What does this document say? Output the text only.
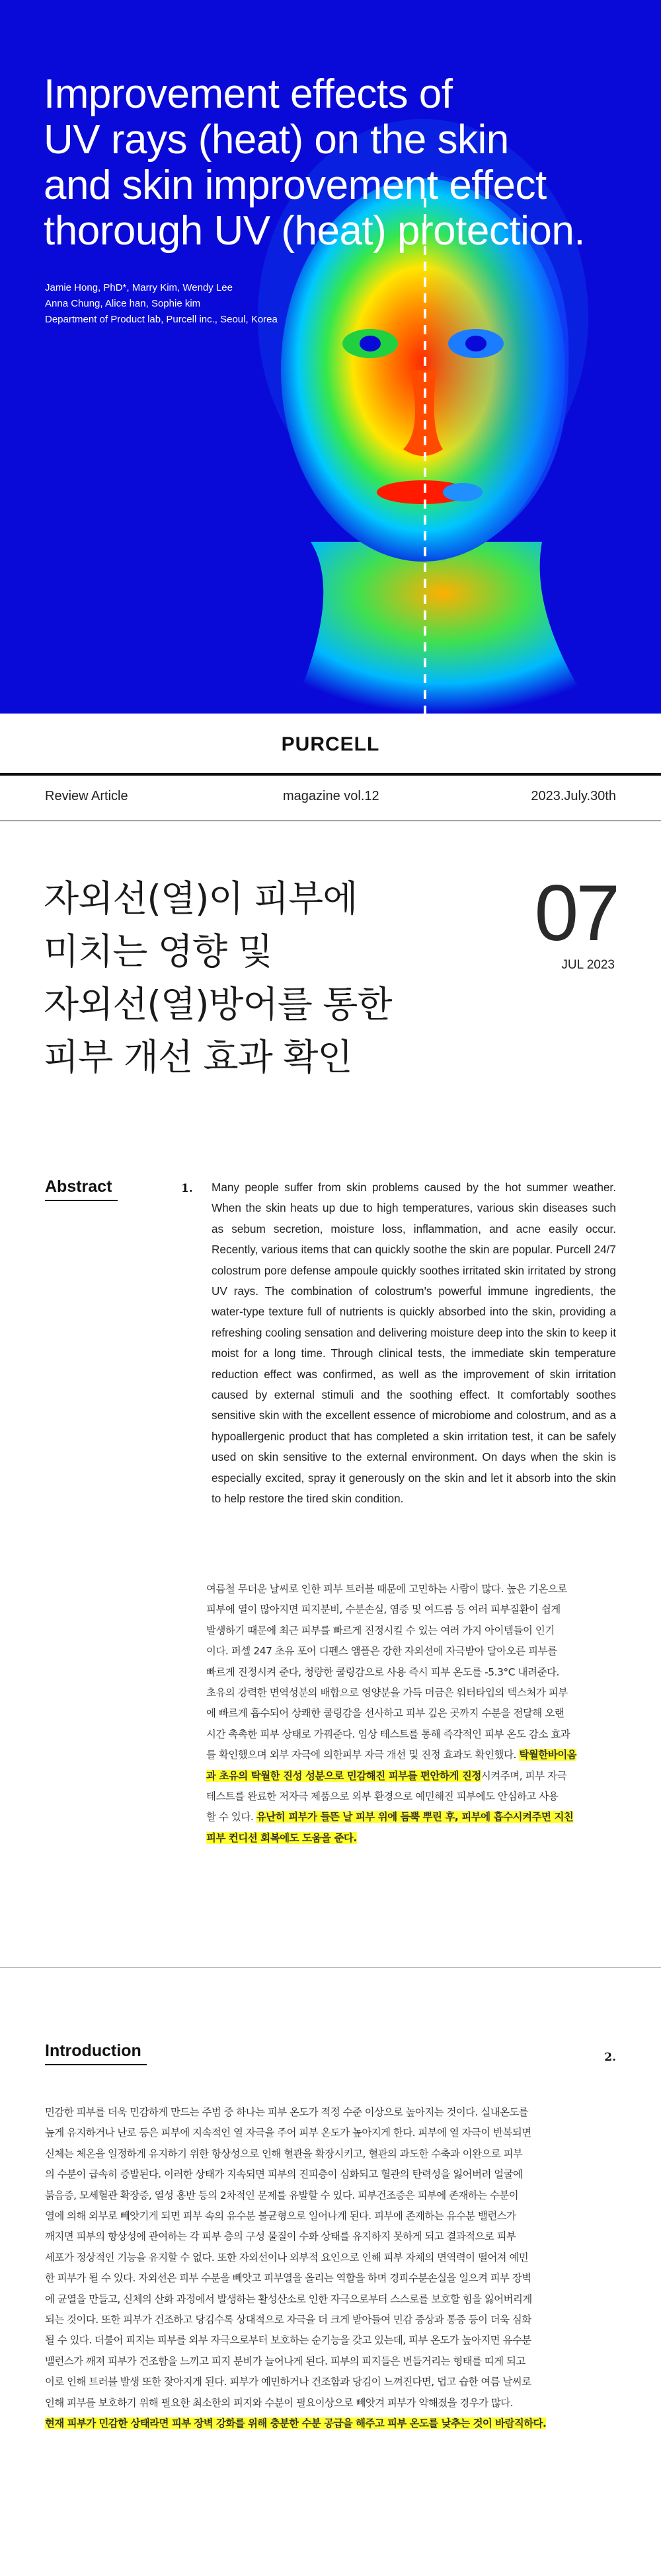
Improvement effects of
UV rays (heat) on the skin
and skin improvement effect
thorough UV (heat) protection.
Jamie Hong, PhD*, Marry Kim, Wendy Lee
Anna Chung, Alice han, Sophie kim
Department of Product lab, Purcell inc., Seoul, Korea
PURCELL
Review Article	magazine vol.12	2023.July.30th
자외선(열)이 피부에
미치는 영향 및
자외선(열)방어를 통한
피부 개선 효과 확인
07
JUL 2023
Abstract	1. Many people suffer from skin problems caused by the hot summer weather. When the skin heats up due to high temperatures, various skin diseases such as sebum secretion, moisture loss, inflammation, and acne easily occur. Recently, various items that can quickly soothe the skin are popular. Purcell 24/7 colostrum pore defense ampoule quickly soothes irritated skin irritated by strong UV rays. The combination of colostrum's powerful immune ingredients, the water-type texture full of nutrients is quickly absorbed into the skin, providing a refreshing cooling sensation and delivering moisture deep into the skin to keep it moist for a long time. Through clinical tests, the immediate skin temperature reduction effect was confirmed, as well as the improvement of skin irritation caused by external stimuli and the soothing effect. It comfortably soothes sensitive skin with the excellent essence of microbiome and colostrum, and as a hypoallergenic product that has completed a skin irritation test, it can be safely used on skin sensitive to the external environment. On days when the skin is especially excited, spray it generously on the skin and let it absorb into the skin to help restore the tired skin condition.

여름철 무더운 날씨로 인한 피부 트러블 때문에 고민하는 사람이 많다. 높은 기온으로
피부에 열이 많아지면 피지분비, 수분손실, 염증 및 여드름 등 여러 피부질환이 쉽게
발생하기 때문에 최근 피부를 빠르게 진정시킬 수 있는 여러 가지 아이템들이 인기
이다. 퍼셀 247 초유 포어 디펜스 앰플은 강한 자외선에 자극받아 달아오른 피부를
빠르게 진정시켜 준다, 청량한 쿨링감으로 사용 즉시 피부 온도를 -5.3°C 내려준다.
초유의 강력한 면역성분의 배합으로 영양분을 가득 머금은 워터타입의 텍스처가 피부
에 빠르게 흡수되어 상쾌한 쿨링감을 선사하고 피부 깊은 곳까지 수분을 전달해 오랜
시간 촉촉한 피부 상태로 가꿔준다. 임상 테스트를 통해 즉각적인 피부 온도 감소 효과
를 확인했으며 외부 자극에 의한피부 자극 개선 및 진정 효과도 확인했다. 탁월한바이옴
과 초유의 탁월한 진성 성분으로 민감해진 피부를 편안하게 진정시켜주며, 피부 자극
테스트를 완료한 저자극 제품으로 외부 환경으로 예민해진 피부에도 안심하고 사용
할 수 있다. 유난히 피부가 들뜬 날 피부 위에 듬뿍 뿌린 후, 피부에 흡수시켜주면 지친
피부 컨디션 회복에도 도움을 준다.
Introduction	2.
민감한 피부를 더욱 민감하게 만드는 주범 중 하나는 피부 온도가 적정 수준 이상으로 높아지는 것이다. 실내온도를
높게 유지하거나 난로 등은 피부에 지속적인 열 자극을 주어 피부 온도가 높아지게 한다. 피부에 열 자극이 반복되면
신체는 체온을 일정하게 유지하기 위한 항상성으로 인해 혈관을 확장시키고, 혈관의 과도한 수축과 이완으로 피부
의 수분이 급속히 증발된다. 이러한 상태가 지속되면 피부의 진피층이 심화되고 혈관의 탄력성을 잃어버려 얼굴에
붉음증, 모세혈관 확장증, 열성 홍반 등의 2차적인 문제를 유발할 수 있다. 피부건조증은 피부에 존재하는 수분이
열에 의해 외부로 빼앗기게 되면 피부 속의 유수분 불균형으로 일어나게 된다. 피부에 존재하는 유수분 밸런스가
깨지면 피부의 항상성에 관여하는 각 피부 층의 구성 물질이 수화 상태를 유지하지 못하게 되고 결과적으로 피부
세포가 정상적인 기능을 유지할 수 없다. 또한 자외선이나 외부적 요인으로 인해 피부 자체의 면역력이 떨어져 예민
한 피부가 될 수 있다. 자외선은 피부 수분을 빼앗고 피부열을 올리는 역할을 하며 경피수분손실을 일으켜 피부 장벽
에 균열을 만들고, 신체의 산화 과정에서 발생하는 활성산소로 인한 자극으로부터 스스로를 보호할 힘을 잃어버리게
되는 것이다. 또한 피부가 건조하고 당김수록 상대적으로 자극을 더 크게 받아들여 민감 증상과 통증 등이 더욱 심화
될 수 있다. 더불어 피지는 피부를 외부 자극으로부터 보호하는 순기능을 갖고 있는데, 피부 온도가 높아지면 유수분
밸런스가 깨져 피부가 건조함을 느끼고 피지 분비가 늘어나게 된다. 피부의 피지들은 번들거리는 형태를 띠게 되고
이로 인해 트러블 발생 또한 잦아지게 된다. 피부가 예민하거나 건조함과 당김이 느껴진다면, 덥고 습한 여름 날씨로
인해 피부를 보호하기 위해 필요한 최소한의 피지와 수분이 필요이상으로 빼앗겨 피부가 약해졌을 경우가 많다.
현재 피부가 민감한 상태라면 피부 장벽 강화를 위해 충분한 수분 공급을 해주고 피부 온도를 낮추는 것이 바람직하다.
